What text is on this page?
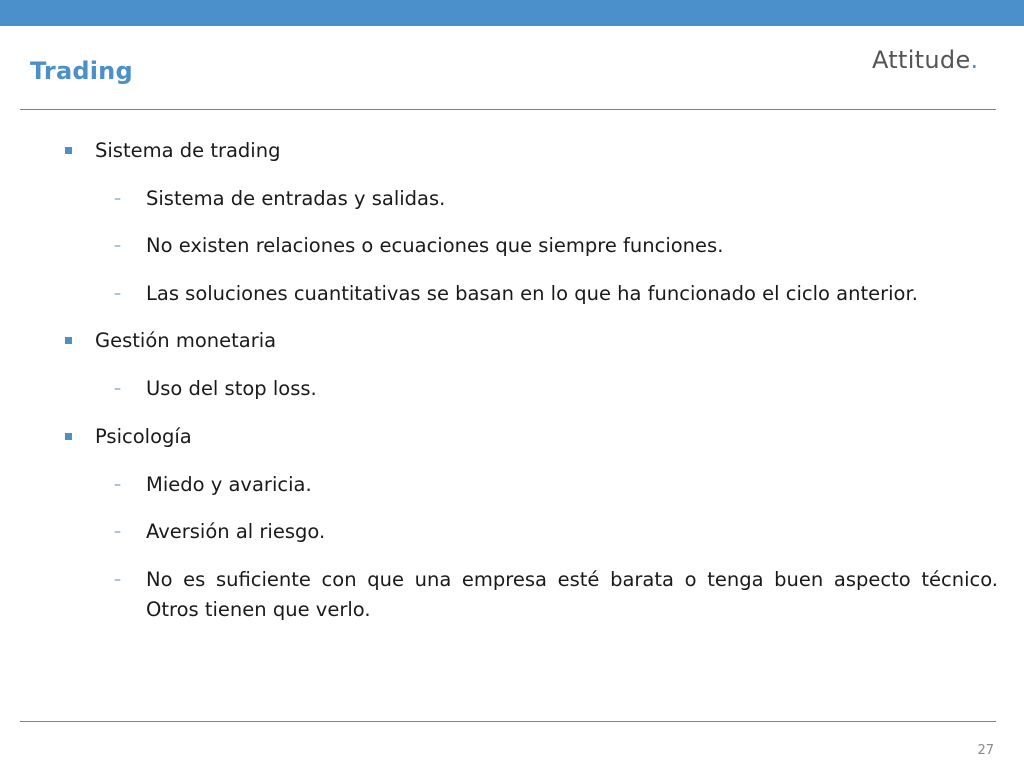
Trading	Attitude.
Sistema de trading
– Sistema de entradas y salidas.
– No existen relaciones o ecuaciones que siempre funciones.
– Las soluciones cuantitativas se basan en lo que ha funcionado el ciclo anterior.
Gestión monetaria
– Uso del stop loss.
Psicología
– Miedo y avaricia.
– Aversión al riesgo.
– No es suficiente con que una empresa esté barata o tenga buen aspecto técnico. Otros tienen que verlo.
27
